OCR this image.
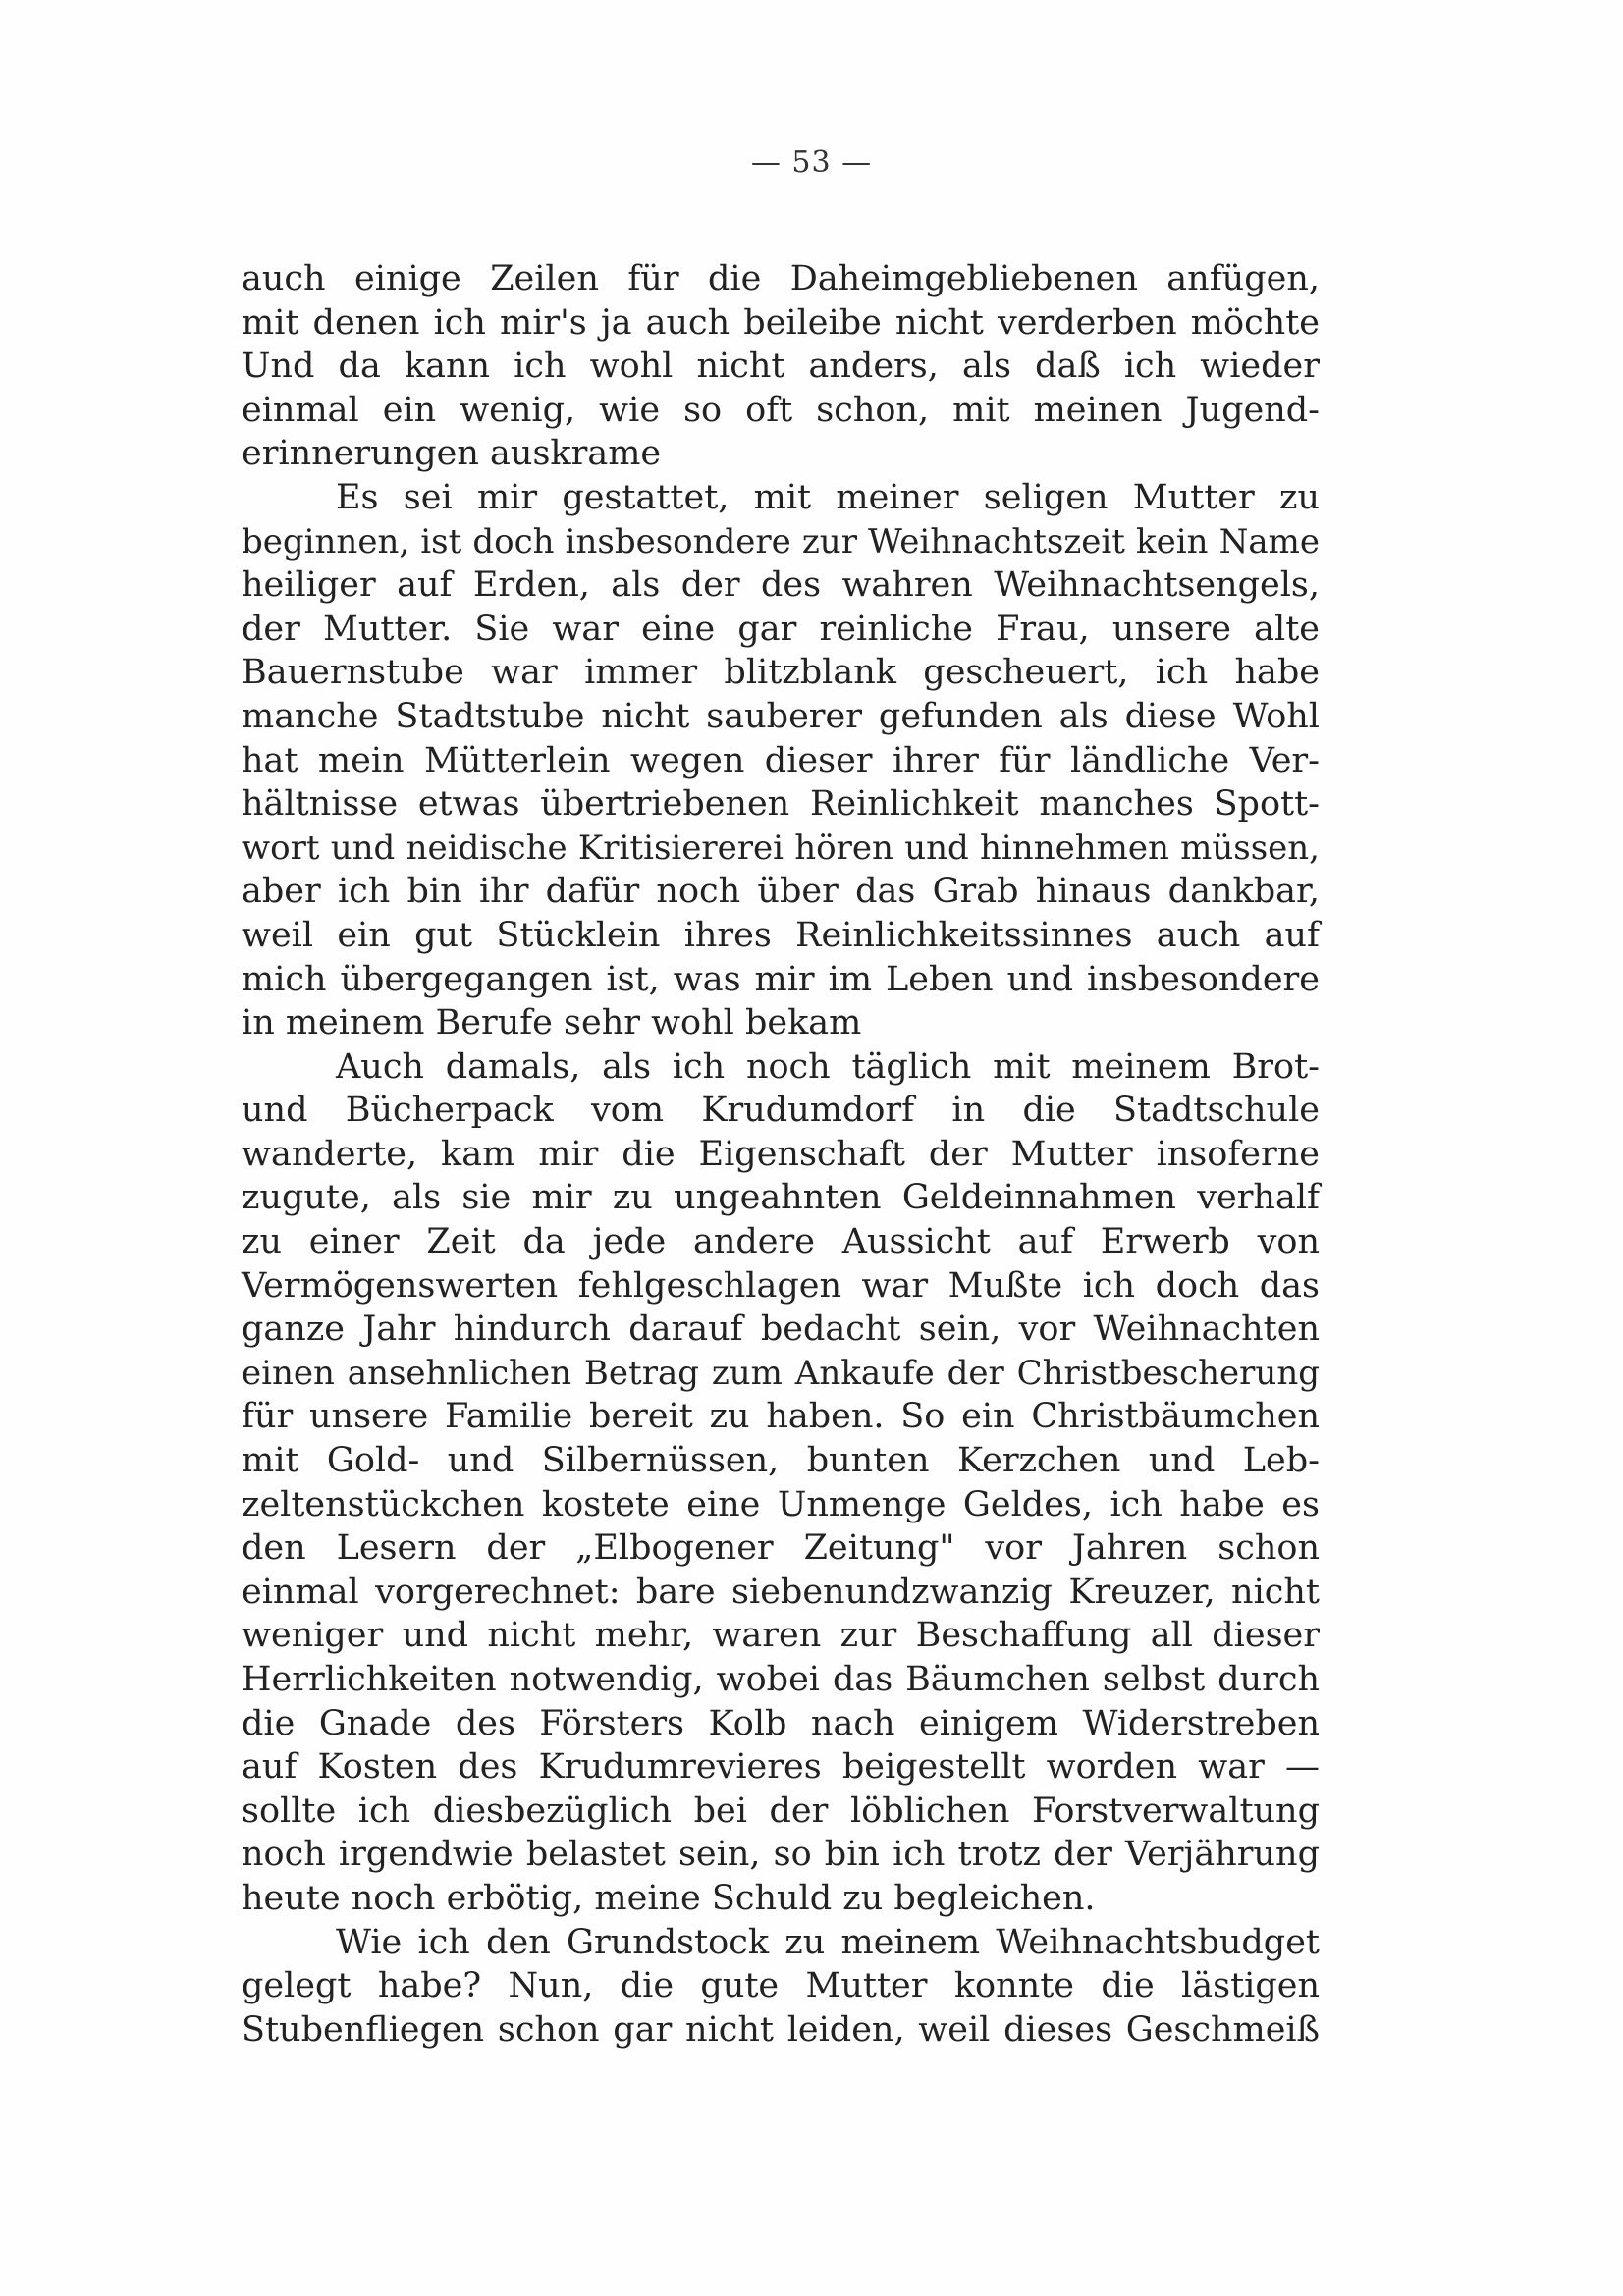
— 53 —
auch einige Zeilen für die Daheimgebliebenen anfügen,
mit denen ich mir's ja auch beileibe nicht verderben möchte
Und da kann ich wohl nicht anders, als daß ich wieder
einmal ein wenig, wie so oft schon, mit meinen Jugend-
erinnerungen auskrame
Es sei mir gestattet, mit meiner seligen Mutter zu
beginnen, ist doch insbesondere zur Weihnachtszeit kein Name
heiliger auf Erden, als der des wahren Weihnachtsengels,
der Mutter. Sie war eine gar reinliche Frau, unsere alte
Bauernstube war immer blitzblank gescheuert, ich habe
manche Stadtstube nicht sauberer gefunden als diese Wohl
hat mein Mütterlein wegen dieser ihrer für ländliche Ver-
hältnisse etwas übertriebenen Reinlichkeit manches Spott-
wort und neidische Kritisiererei hören und hinnehmen müssen,
aber ich bin ihr dafür noch über das Grab hinaus dankbar,
weil ein gut Stücklein ihres Reinlichkeitssinnes auch auf
mich übergegangen ist, was mir im Leben und insbesondere
in meinem Berufe sehr wohl bekam
Auch damals, als ich noch täglich mit meinem Brot-
und Bücherpack vom Krudumdorf in die Stadtschule
wanderte, kam mir die Eigenschaft der Mutter insoferne
zugute, als sie mir zu ungeahnten Geldeinnahmen verhalf
zu einer Zeit da jede andere Aussicht auf Erwerb von
Vermögenswerten fehlgeschlagen war Mußte ich doch das
ganze Jahr hindurch darauf bedacht sein, vor Weihnachten
einen ansehnlichen Betrag zum Ankaufe der Christbescherung
für unsere Familie bereit zu haben. So ein Christbäumchen
mit Gold- und Silbernüssen, bunten Kerzchen und Leb-
zeltenstückchen kostete eine Unmenge Geldes, ich habe es
den Lesern der „Elbogener Zeitung" vor Jahren schon
einmal vorgerechnet: bare siebenundzwanzig Kreuzer, nicht
weniger und nicht mehr, waren zur Beschaffung all dieser
Herrlichkeiten notwendig, wobei das Bäumchen selbst durch
die Gnade des Försters Kolb nach einigem Widerstreben
auf Kosten des Krudumrevieres beigestellt worden war —
sollte ich diesbezüglich bei der löblichen Forstverwaltung
noch irgendwie belastet sein, so bin ich trotz der Verjährung
heute noch erbötig, meine Schuld zu begleichen.
Wie ich den Grundstock zu meinem Weihnachtsbudget
gelegt habe? Nun, die gute Mutter konnte die lästigen
Stubenfliegen schon gar nicht leiden, weil dieses Geschmeiß
